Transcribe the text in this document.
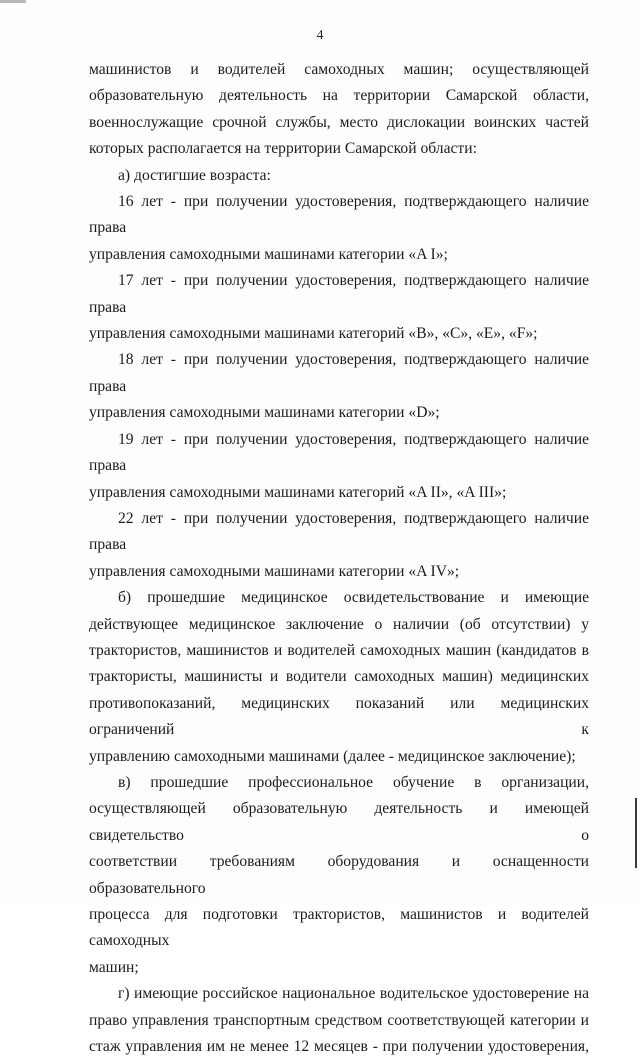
4
машинистов и водителей самоходных машин; осуществляющей
образовательную деятельность на территории Самарской области,
военнослужащие срочной службы, место дислокации воинских частей
которых располагается на территории Самарской области:
а) достигшие возраста:
16 лет - при получении удостоверения, подтверждающего наличие права
управления самоходными машинами категории «A I»;
17 лет - при получении удостоверения, подтверждающего наличие права
управления самоходными машинами категорий «B», «C», «E», «F»;
18 лет - при получении удостоверения, подтверждающего наличие права
управления самоходными машинами категории «D»;
19 лет - при получении удостоверения, подтверждающего наличие права
управления самоходными машинами категорий «A II», «A III»;
22 лет - при получении удостоверения, подтверждающего наличие права
управления самоходными машинами категории «A IV»;
б) прошедшие медицинское освидетельствование и имеющие
действующее медицинское заключение о наличии (об отсутствии) у
трактористов, машинистов и водителей самоходных машин (кандидатов в
трактористы, машинисты и водители самоходных машин) медицинских
противопоказаний, медицинских показаний или медицинских ограничений к
управлению самоходными машинами (далее - медицинское заключение);
в) прошедшие профессиональное обучение в организации,
осуществляющей образовательную деятельность и имеющей свидетельство о
соответствии требованиям оборудования и оснащенности образовательного
процесса для подготовки трактористов, машинистов и водителей самоходных
машин;
г) имеющие российское национальное водительское удостоверение на
право управления транспортным средством соответствующей категории и
стаж управления им не менее 12 месяцев - при получении удостоверения,
